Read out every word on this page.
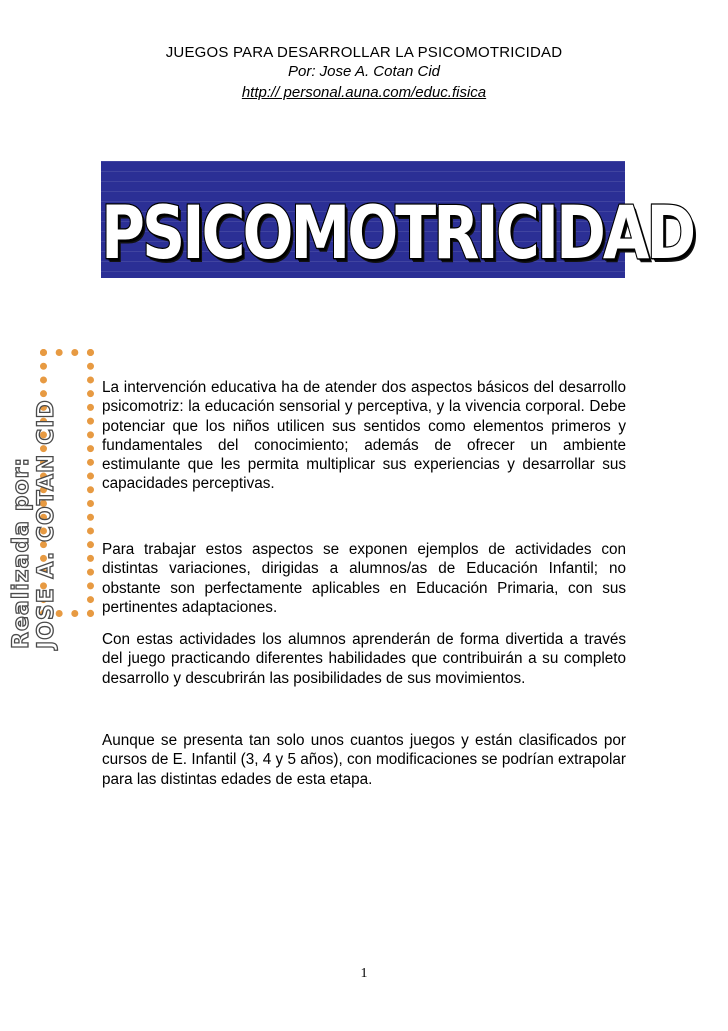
JUEGOS PARA DESARROLLAR LA PSICOMOTRICIDAD
Por: Jose A. Cotan Cid
http:// personal.auna.com/educ.fisica
PSICOMOTRICIDAD
Realizada por: JOSE A. COTAN CID
La intervención educativa ha de atender dos aspectos básicos del desarrollo psicomotriz: la educación sensorial y perceptiva, y la vivencia corporal. Debe potenciar que los niños utilicen sus sentidos como elementos primeros y fundamentales del conocimiento; además de ofrecer un ambiente estimulante que les permita multiplicar sus experiencias y desarrollar sus capacidades perceptivas.
Para trabajar estos aspectos se exponen ejemplos de actividades con distintas variaciones, dirigidas a alumnos/as de Educación Infantil; no obstante son perfectamente aplicables en Educación Primaria, con sus pertinentes adaptaciones.
Con estas actividades los alumnos aprenderán de forma divertida a través del juego practicando diferentes habilidades que contribuirán a su completo desarrollo y descubrirán las posibilidades de sus movimientos.
Aunque se presenta tan solo unos cuantos juegos y están clasificados por cursos de E. Infantil (3, 4 y 5 años), con modificaciones se podrían extrapolar para las distintas edades de esta etapa.
1
